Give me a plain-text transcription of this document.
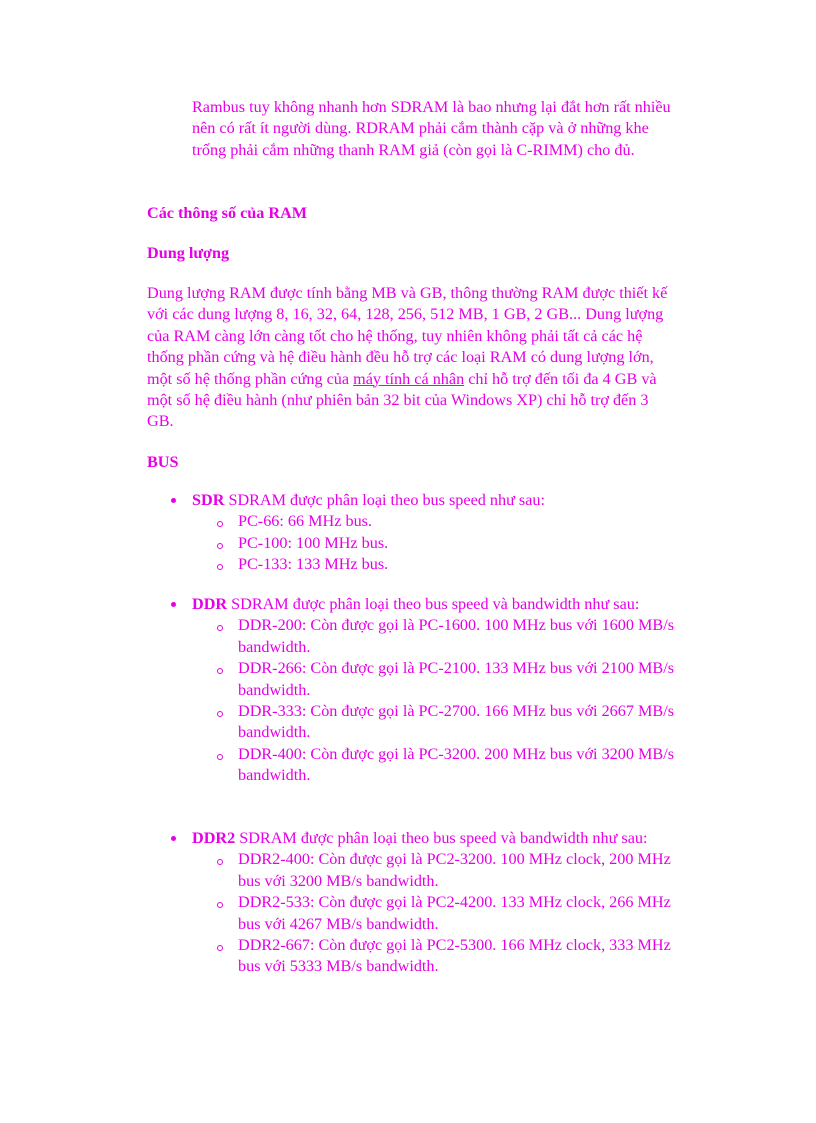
Rambus tuy không nhanh hơn SDRAM là bao nhưng lại đắt hơn rất nhiều nên có rất ít người dùng. RDRAM phải cắm thành cặp và ở những khe trống phải cắm những thanh RAM giả (còn gọi là C-RIMM) cho đủ.

Các thông số của RAM
Dung lượng

Dung lượng RAM được tính bằng MB và GB, thông thường RAM được thiết kế với các dung lượng 8, 16, 32, 64, 128, 256, 512 MB, 1 GB, 2 GB... Dung lượng của RAM càng lớn càng tốt cho hệ thống, tuy nhiên không phải tất cả các hệ thống phần cứng và hệ điều hành đều hỗ trợ các loại RAM có dung lượng lớn, một số hệ thống phần cứng của máy tính cá nhân chỉ hỗ trợ đến tối đa 4 GB và một số hệ điều hành (như phiên bản 32 bit của Windows XP) chỉ hỗ trợ đến 3 GB.

BUS
SDR SDRAM được phân loại theo bus speed như sau:
PC-66: 66 MHz bus.
PC-100: 100 MHz bus.
PC-133: 133 MHz bus.
DDR SDRAM được phân loại theo bus speed và bandwidth như sau:
DDR-200: Còn được gọi là PC-1600. 100 MHz bus với 1600 MB/s bandwidth.
DDR-266: Còn được gọi là PC-2100. 133 MHz bus với 2100 MB/s bandwidth.
DDR-333: Còn được gọi là PC-2700. 166 MHz bus với 2667 MB/s bandwidth.
DDR-400: Còn được gọi là PC-3200. 200 MHz bus với 3200 MB/s bandwidth.
DDR2 SDRAM được phân loại theo bus speed và bandwidth như sau:
DDR2-400: Còn được gọi là PC2-3200. 100 MHz clock, 200 MHz bus với 3200 MB/s bandwidth.
DDR2-533: Còn được gọi là PC2-4200. 133 MHz clock, 266 MHz bus với 4267 MB/s bandwidth.
DDR2-667: Còn được gọi là PC2-5300. 166 MHz clock, 333 MHz bus với 5333 MB/s bandwidth.
